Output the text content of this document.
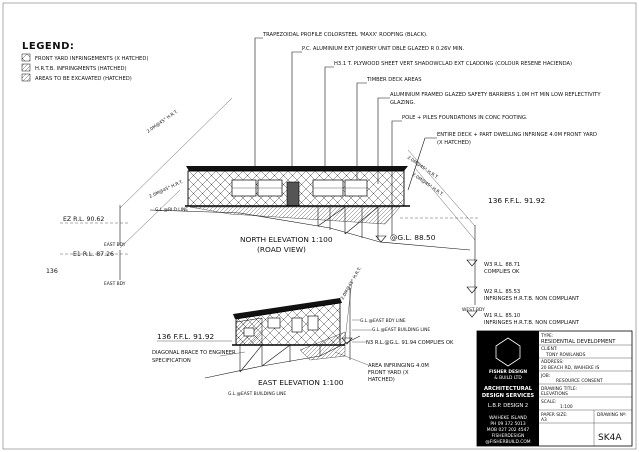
LEGEND:
FRONT YARD INFRINGEMENTS (X HATCHED)
H.R.T.B. INFRINGMENTS (HATCHED)
AREAS TO BE EXCAVATED (HATCHED)
TRAPEZOIDAL PROFILE COLORSTEEL 'MAXX' ROOFING (BLACK).
P.C. ALUMINIUM EXT JOINERY UNIT DBLE GLAZED R 0.26V MIN.
H3.1 T. PLYWOOD SHEET VERT SHADOWCLAD EXT CLADDING (COLOUR RESENE HACIENDA)
TIMBER DECK AREAS
ALUMINIUM FRAMED GLAZED SAFETY BARRIERS 1.0M HT MIN LOW REFLECTIVITY
GLAZING.
POLE + PILES FOUNDATIONS IN CONC FOOTING.
ENTIRE DECK + PART DWELLING INFRINGE 4.0M FRONT YARD
(X HATCHED)
2.0M@45° H.R.T.
2.0M@45° H.R.T.
2.0M@45° H.R.T.
2.0M@45° H.R.T.
G.L.@BLD LINE
EZ R.L. 90.62
E1 R.L. 87.26
EAST BDY
EAST BDY
136
@G.L. 88.50
NORTH ELEVATION 1:100
(ROAD VIEW)
136 F.F.L. 91.92
W3 R.L. 88.71
COMPLIES OK
W2 R.L. 85.53
INFRINGES H.R.T.B. NON COMPLIANT
W1 R.L. 85.10
INFRINGES H.R.T.B. NON COMPLIANT
WEST BDY
2.0M@45° H.R.T.
136 F.F.L. 91.92
DIAGONAL BRACE TO ENGINEER
SPECIFICATION
G.L.@EAST BDY LINE
G.L.@EAST BUILDING LINE
N3 R.L.@G.L. 91.94 COMPLIES OK
AREA INFRINGING 4.0M
FRONT YARD (X
HATCHED)
EAST ELEVATION 1:100
G.L.@EAST BUILDING LINE
FISHER DESIGN
& BUILD LTD
ARCHITECTURAL
DESIGN SERVICES
L.B.P. DESIGN 2
WAIHEKE ISLAND
PH 09 372 5013
MOB 027 202 4547
FISHERDESIGN
@FISHERBUILD.COM
TYPE:
RESIDENTIAL DEVELOPMENT
CLIENT:
TONY ROWLANDS
ADDRESS:
20 BEACH RD, WAIHEKE IS
JOB:
RESOURCE CONSENT
DRAWING TITLE:
ELEVATIONS
SCALE:
1:100
PAPER SIZE:
A3
DRAWING Nº:
SK4A
